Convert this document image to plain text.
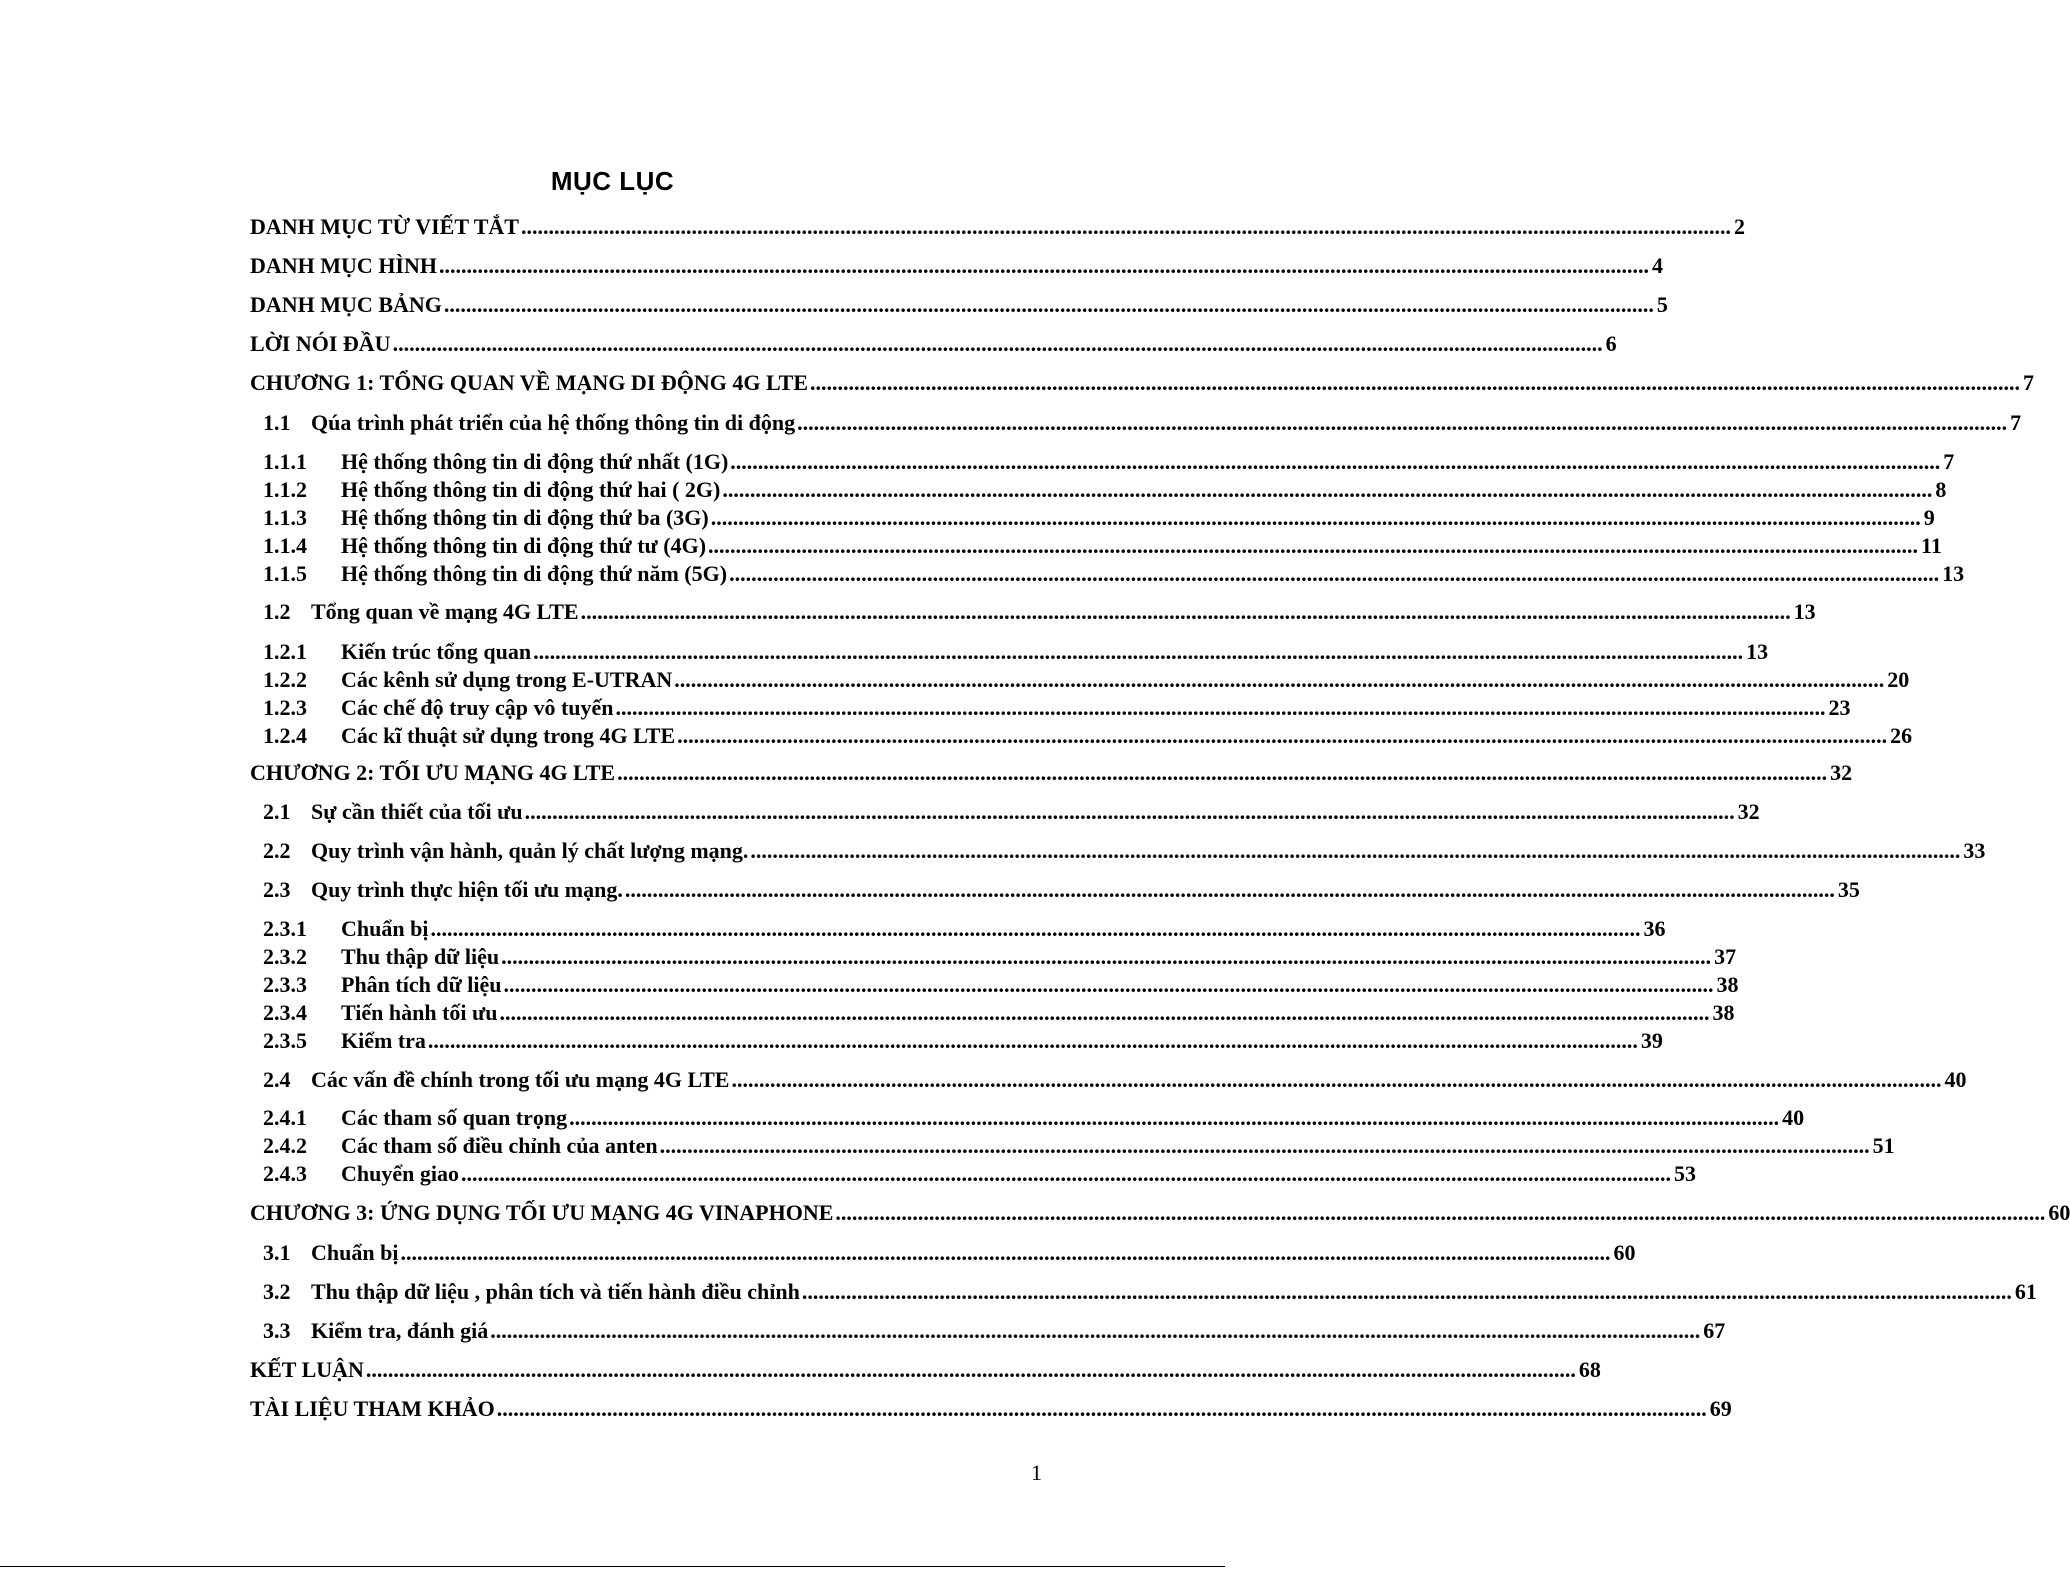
MỤC LỤC
DANH MỤC TỪ VIẾT TẮT ............................................................................................................................................................................................................................ 2
DANH MỤC HÌNH ............................................................................................................................................................................................................................ 4
DANH MỤC BẢNG ............................................................................................................................................................................................................................ 5
LỜI NÓI ĐẦU ............................................................................................................................................................................................................................ 6
CHƯƠNG 1: TỔNG QUAN VỀ MẠNG DI ĐỘNG 4G LTE ............................................................................................................................................................................................................................ 7
1.1 Qúa trình phát triển của hệ thống thông tin di động ............................................................................................................................................................................................................................ 7
1.1.1	Hệ thống thông tin di động thứ nhất (1G) ............................................................................................................................................................................................................................ 7
1.1.2	Hệ thống thông tin di động thứ hai ( 2G) ............................................................................................................................................................................................................................ 8
1.1.3	Hệ thống thông tin di động thứ ba (3G) ............................................................................................................................................................................................................................ 9
1.1.4	Hệ thống thông tin di động thứ tư (4G) ............................................................................................................................................................................................................................ 11
1.1.5	Hệ thống thông tin di động thứ năm (5G) ............................................................................................................................................................................................................................ 13
1.2 Tổng quan về mạng 4G LTE ............................................................................................................................................................................................................................ 13
1.2.1	Kiến trúc tổng quan ............................................................................................................................................................................................................................ 13
1.2.2	Các kênh sử dụng trong E-UTRAN ............................................................................................................................................................................................................................ 20
1.2.3	Các chế độ truy cập vô tuyến ............................................................................................................................................................................................................................ 23
1.2.4	Các kĩ thuật sử dụng trong 4G LTE ............................................................................................................................................................................................................................ 26
CHƯƠNG 2: TỐI ƯU MẠNG 4G LTE ............................................................................................................................................................................................................................ 32
2.1 Sự cần thiết của tối ưu ............................................................................................................................................................................................................................ 32
2.2 Quy trình vận hành, quản lý chất lượng mạng. ............................................................................................................................................................................................................................ 33
2.3 Quy trình thực hiện tối ưu mạng. ............................................................................................................................................................................................................................ 35
2.3.1	Chuẩn bị ............................................................................................................................................................................................................................ 36
2.3.2	Thu thập dữ liệu ............................................................................................................................................................................................................................ 37
2.3.3	Phân tích dữ liệu ............................................................................................................................................................................................................................ 38
2.3.4	Tiến hành tối ưu ............................................................................................................................................................................................................................ 38
2.3.5	Kiểm tra ............................................................................................................................................................................................................................ 39
2.4 Các vấn đề chính trong tối ưu mạng 4G LTE ............................................................................................................................................................................................................................ 40
2.4.1	Các tham số quan trọng ............................................................................................................................................................................................................................ 40
2.4.2	Các tham số điều chỉnh của anten ............................................................................................................................................................................................................................ 51
2.4.3	Chuyển giao ............................................................................................................................................................................................................................ 53
CHƯƠNG 3: ỨNG DỤNG TỐI ƯU MẠNG 4G VINAPHONE ............................................................................................................................................................................................................................ 60
3.1 Chuẩn bị ............................................................................................................................................................................................................................ 60
3.2 Thu thập dữ liệu , phân tích và tiến hành điều chỉnh ............................................................................................................................................................................................................................ 61
3.3 Kiểm tra, đánh giá ............................................................................................................................................................................................................................ 67
KẾT LUẬN ............................................................................................................................................................................................................................ 68
TÀI LIỆU THAM KHẢO ............................................................................................................................................................................................................................ 69
1
